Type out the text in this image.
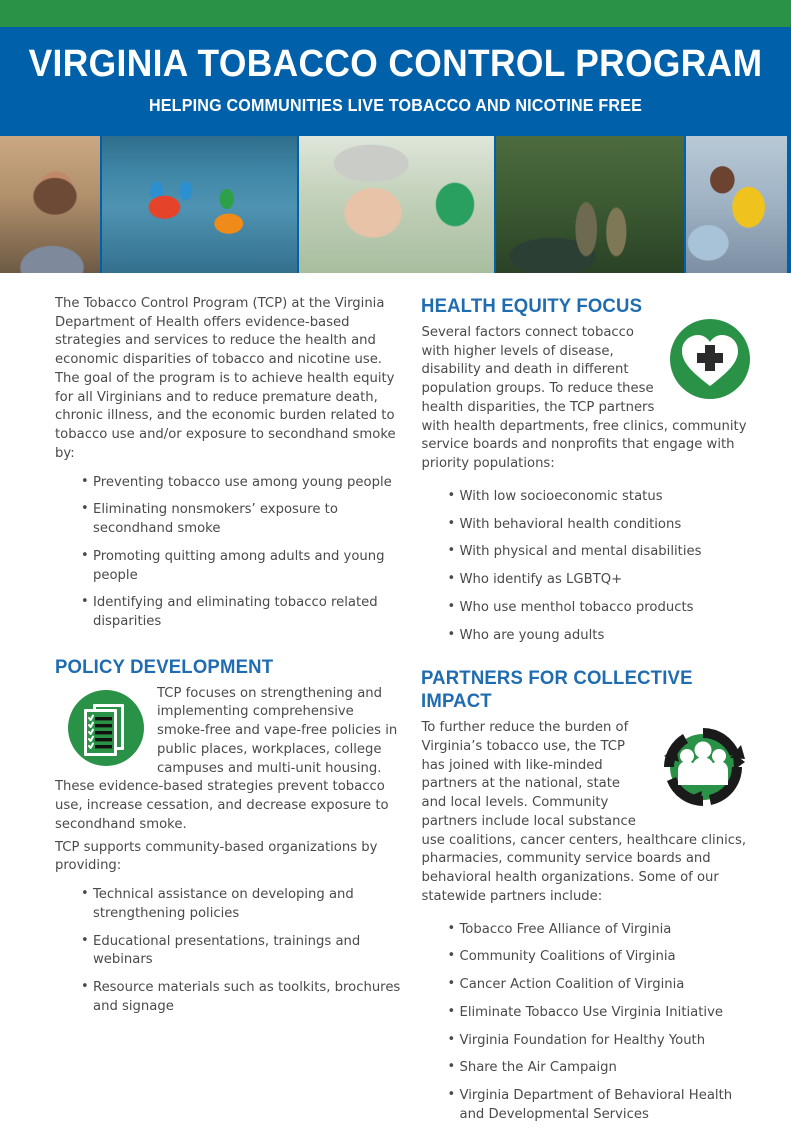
VIRGINIA TOBACCO CONTROL PROGRAM
HELPING COMMUNITIES LIVE TOBACCO AND NICOTINE FREE

The Tobacco Control Program (TCP) at the Virginia Department of Health offers evidence-based strategies and services to reduce the health and economic disparities of tobacco and nicotine use. The goal of the program is to achieve health equity for all Virginians and to reduce premature death, chronic illness, and the economic burden related to tobacco use and/or exposure to secondhand smoke by:

• Preventing tobacco use among young people
• Eliminating nonsmokers’ exposure to secondhand smoke
• Promoting quitting among adults and young people
• Identifying and eliminating tobacco related disparities
POLICY DEVELOPMENT

TCP focuses on strengthening and implementing comprehensive smoke-free and vape-free policies in public places, workplaces, college campuses and multi-unit housing. These evidence-based strategies prevent tobacco use, increase cessation, and decrease exposure to secondhand smoke.

TCP supports community-based organizations by providing:

• Technical assistance on developing and strengthening policies
• Educational presentations, trainings and webinars
• Resource materials such as toolkits, brochures and signage
HEALTH EQUITY FOCUS

Several factors connect tobacco with higher levels of disease, disability and death in different population groups. To reduce these health disparities, the TCP partners with health departments, free clinics, community service boards and nonprofits that engage with priority populations:

• With low socioeconomic status
• With behavioral health conditions
• With physical and mental disabilities
• Who identify as LGBTQ+
• Who use menthol tobacco products
• Who are young adults
PARTNERS FOR COLLECTIVE IMPACT

To further reduce the burden of Virginia’s tobacco use, the TCP has joined with like-minded partners at the national, state and local levels. Community partners include local substance use coalitions, cancer centers, healthcare clinics, pharmacies, community service boards and behavioral health organizations. Some of our statewide partners include:

• Tobacco Free Alliance of Virginia
• Community Coalitions of Virginia
• Cancer Action Coalition of Virginia
• Eliminate Tobacco Use Virginia Initiative
• Virginia Foundation for Healthy Youth
• Share the Air Campaign
• Virginia Department of Behavioral Health and Developmental Services
